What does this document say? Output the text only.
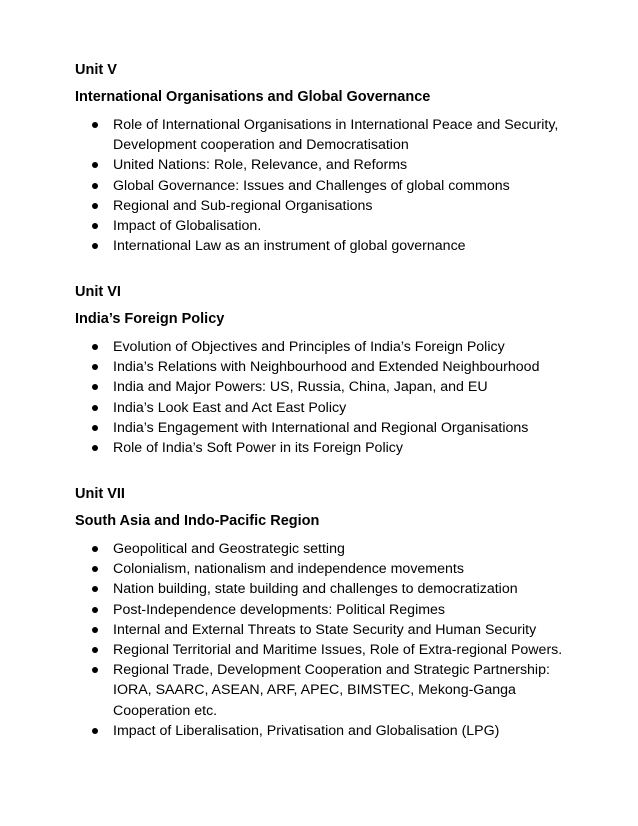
Unit V

International Organisations and Global Governance

Role of International Organisations in International Peace and Security, Development cooperation and Democratisation
United Nations: Role, Relevance, and Reforms
Global Governance: Issues and Challenges of global commons
Regional and Sub-regional Organisations
Impact of Globalisation.
International Law as an instrument of global governance

Unit VI

India’s Foreign Policy

Evolution of Objectives and Principles of India’s Foreign Policy
India’s Relations with Neighbourhood and Extended Neighbourhood
India and Major Powers: US, Russia, China, Japan, and EU
India’s Look East and Act East Policy
India’s Engagement with International and Regional Organisations
Role of India’s Soft Power in its Foreign Policy

Unit VII

South Asia and Indo-Pacific Region

Geopolitical and Geostrategic setting
Colonialism, nationalism and independence movements
Nation building, state building and challenges to democratization
Post-Independence developments: Political Regimes
Internal and External Threats to State Security and Human Security
Regional Territorial and Maritime Issues, Role of Extra-regional Powers.
Regional Trade, Development Cooperation and Strategic Partnership: IORA, SAARC, ASEAN, ARF, APEC, BIMSTEC, Mekong-Ganga Cooperation etc.
Impact of Liberalisation, Privatisation and Globalisation (LPG)
